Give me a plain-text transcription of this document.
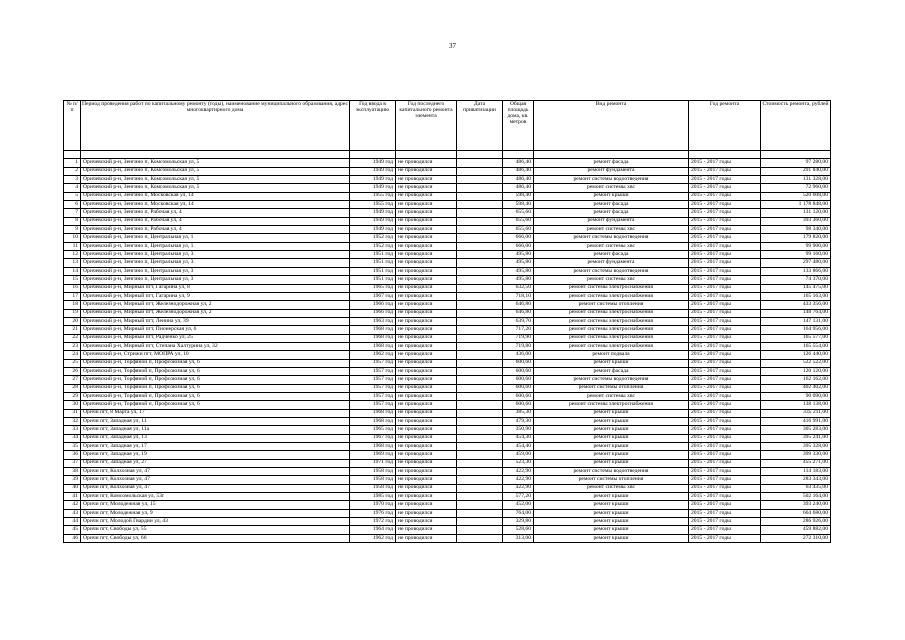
37
№ п/п	Период проведения работ по капитальному ремонту (годы), наименование муниципального образования, адрес многоквартирного дома	Год ввода в эксплуатацию	Год последнего капитального ремонта элемента	Дата приватизации	Общая площадь дома, кв. метров	Вид ремонта	Год ремонта	Стоимость ремонта, рублей

1	Оричевский р-н, Зенгино п, Комсомольская ул, 5	1949 год	не проводился		486,40	ремонт фасада	2015 - 2017 годы	97 280,00
2	Оричевский р-н, Зенгино п, Комсомольская ул, 5	1949 год	не проводился		486,40	ремонт фундамента	2015 - 2017 годы	291 840,00
3	Оричевский р-н, Зенгино п, Комсомольская ул, 5	1949 год	не проводился		486,40	ремонт системы водоотведения	2015 - 2017 годы	131 328,00
4	Оричевский р-н, Зенгино п, Комсомольская ул, 5	1949 год	не проводился		486,40	ремонт системы хвс	2015 - 2017 годы	72 960,00
5	Оричевский р-н, Зенгино п, Московская ул, 14	1955 год	не проводился		598,40	ремонт крыши	2015 - 2017 годы	520 608,00
6	Оричевский р-н, Зенгино п, Московская ул, 14	1955 год	не проводился		598,40	ремонт фасада	2015 - 2017 годы	1 178 848,00
7	Оричевский р-н, Зенгино п, Рабочая ул, 4	1949 год	не проводился		655,60	ремонт фасада	2015 - 2017 годы	131 120,00
8	Оричевский р-н, Зенгино п, Рабочая ул, 4	1949 год	не проводился		655,60	ремонт фундамента	2015 - 2017 годы	393 360,00
9	Оричевский р-н, Зенгино п, Рабочая ул, 4	1949 год	не проводился		655,60	ремонт системы хвс	2015 - 2017 годы	98 340,00
10	Оричевский р-н, Зенгино п, Центральная ул, 1	1952 год	не проводился		666,00	ремонт системы водоотведения	2015 - 2017 годы	179 820,00
11	Оричевский р-н, Зенгино п, Центральная ул, 1	1952 год	не проводился		666,00	ремонт системы хвс	2015 - 2017 годы	99 900,00
12	Оричевский р-н, Зенгино п, Центральная ул, 3	1951 год	не проводился		495,80	ремонт фасада	2015 - 2017 годы	99 160,00
13	Оричевский р-н, Зенгино п, Центральная ул, 3	1951 год	не проводился		495,80	ремонт фундамента	2015 - 2017 годы	297 480,00
14	Оричевский р-н, Зенгино п, Центральная ул, 3	1951 год	не проводился		495,80	ремонт системы водоотведения	2015 - 2017 годы	133 866,00
15	Оричевский р-н, Зенгино п, Центральная ул, 3	1951 год	не проводился		495,80	ремонт системы хвс	2015 - 2017 годы	74 370,00
16	Оричевский р-н, Мирный пгт, Гагарина ул, 8	1965 год	не проводился		632,50	ремонт системы электроснабжения	2015 - 2017 годы	145 475,00
17	Оричевский р-н, Мирный пгт, Гагарина ул, 9	1967 год	не проводился		718,10	ремонт системы электроснабжения	2015 - 2017 годы	165 163,00
18	Оричевский р-н, Мирный пгт, Железнодорожная ул, 2	1966 год	не проводился		646,80	ремонт системы отопления	2015 - 2017 годы	433 356,00
19	Оричевский р-н, Мирный пгт, Железнодорожная ул, 2	1966 год	не проводился		646,80	ремонт системы электроснабжения	2015 - 2017 годы	148 764,00
20	Оричевский р-н, Мирный пгт, Ленина ул, 39	1963 год	не проводился		639,70	ремонт системы электроснабжения	2015 - 2017 годы	147 131,00
21	Оричевский р-н, Мирный пгт, Пионерская ул, 6	1968 год	не проводился		717,20	ремонт системы электроснабжения	2015 - 2017 годы	164 956,00
22	Оричевский р-н, Мирный пгт, Радченко ул, 25	1968 год	не проводился		719,90	ремонт системы электроснабжения	2015 - 2017 годы	165 577,00
23	Оричевский р-н, Мирный пгт, Степана Халтурина ул, 32	1968 год	не проводился		719,80	ремонт системы электроснабжения	2015 - 2017 годы	165 554,00
24	Оричевский р-н, Стрижи пгт, МОПРА ул, 10	1962 год	не проводился		436,00	ремонт подвала	2015 - 2017 годы	126 440,00
25	Оричевский р-н, Торфяной п, Профсоюзная ул, 6	1957 год	не проводился		600,60	ремонт крыши	2015 - 2017 годы	522 522,00
26	Оричевский р-н, Торфяной п, Профсоюзная ул, 6	1957 год	не проводился		600,60	ремонт фасада	2015 - 2017 годы	120 120,00
27	Оричевский р-н, Торфяной п, Профсоюзная ул, 6	1957 год	не проводился		600,60	ремонт системы водоотведения	2015 - 2017 годы	162 162,00
28	Оричевский р-н, Торфяной п, Профсоюзная ул, 6	1957 год	не проводился		600,60	ремонт системы отопления	2015 - 2017 годы	402 402,00
29	Оричевский р-н, Торфяной п, Профсоюзная ул, 6	1957 год	не проводился		600,60	ремонт системы хвс	2015 - 2017 годы	90 090,00
30	Оричевский р-н, Торфяной п, Профсоюзная ул, 6	1957 год	не проводился		600,60	ремонт системы электроснабжения	2015 - 2017 годы	138 138,00
31	Оричи пгт, 8 Марта ул, 17	1968 год	не проводился		385,30	ремонт крыши	2015 - 2017 годы	335 211,00
32	Оричи пгт, Западная ул, 11	1968 год	не проводился		479,30	ремонт крыши	2015 - 2017 годы	416 991,00
33	Оричи пгт, Западная ул, 11а	1965 год	не проводился		350,90	ремонт крыши	2015 - 2017 годы	305 283,00
34	Оричи пгт, Западная ул, 13	1967 год	не проводился		454,30	ремонт крыши	2015 - 2017 годы	395 241,00
35	Оричи пгт, Западная ул, 17	1968 год	не проводился		454,40	ремонт крыши	2015 - 2017 годы	395 328,00
36	Оричи пгт, Западная ул, 19	1969 год	не проводился		459,00	ремонт крыши	2015 - 2017 годы	399 330,00
37	Оричи пгт, Западная ул, 27	1971 год	не проводился		523,30	ремонт крыши	2015 - 2017 годы	455 271,00
38	Оричи пгт, Колхозная ул, 47	1958 год	не проводился		422,90	ремонт системы водоотведения	2015 - 2017 годы	114 183,00
39	Оричи пгт, Колхозная ул, 47	1958 год	не проводился		422,90	ремонт системы отопления	2015 - 2017 годы	283 343,00
40	Оричи пгт, Колхозная ул, 47	1958 год	не проводился		422,90	ремонт системы хвс	2015 - 2017 годы	63 435,00
41	Оричи пгт, Комсомольская ул, 53г	1985 год	не проводился		577,20	ремонт крыши	2015 - 2017 годы	502 164,00
42	Оричи пгт, Молодежная ул, 15	1970 год	не проводился		452,00	ремонт крыши	2015 - 2017 годы	393 240,00
43	Оричи пгт, Молодежная ул, 9	1976 год	не проводился		764,00	ремонт крыши	2015 - 2017 годы	664 680,00
44	Оричи пгт, Молодой Гвардии ул, 43	1972 год	не проводился		329,80	ремонт крыши	2015 - 2017 годы	286 926,00
45	Оричи пгт, Свободы ул, 55	1964 год	не проводился		528,60	ремонт крыши	2015 - 2017 годы	459 882,00
46	Оричи пгт, Свободы ул, 66	1962 год	не проводился		313,00	ремонт крыши	2015 - 2017 годы	272 310,00
